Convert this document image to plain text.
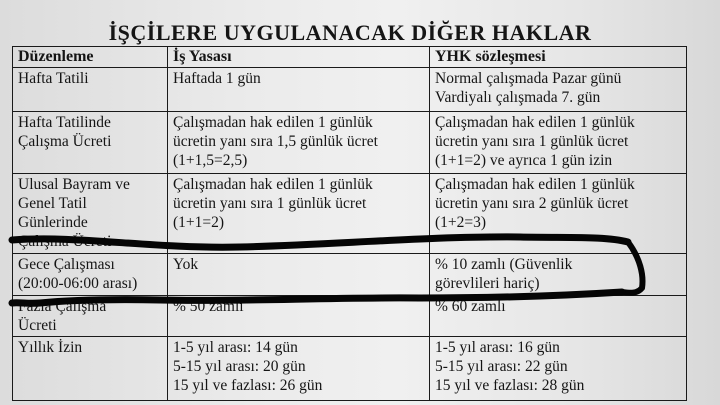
İŞÇİLERE UYGULANACAK DİĞER HAKLAR
Düzenleme	İş Yasası	YHK sözleşmesi

Hafta Tatili	Haftada 1 gün	Normal çalışmada Pazar günü
Vardiyalı çalışmada 7. gün

Hafta Tatilinde
Çalışma Ücreti	Çalışmadan hak edilen 1 günlük
ücretin yanı sıra 1,5 günlük ücret
(1+1,5=2,5)	Çalışmadan hak edilen 1 günlük
ücretin yanı sıra 1 günlük ücret
(1+1=2) ve ayrıca 1 gün izin

Ulusal Bayram ve
Genel Tatil
Günlerinde
Çalışma Ücreti	Çalışmadan hak edilen 1 günlük
ücretin yanı sıra 1 günlük ücret
(1+1=2)	Çalışmadan hak edilen 1 günlük
ücretin yanı sıra 2 günlük ücret
(1+2=3)

Gece Çalışması
(20:00-06:00 arası)	Yok	% 10 zamlı (Güvenlik
görevlileri hariç)

Fazla Çalışma
Ücreti	% 50 zamlı	% 60 zamlı

Yıllık İzin	1-5 yıl arası: 14 gün
5-15 yıl arası: 20 gün
15 yıl ve fazlası: 26 gün	1-5 yıl arası: 16 gün
5-15 yıl arası: 22 gün
15 yıl ve fazlası: 28 gün
